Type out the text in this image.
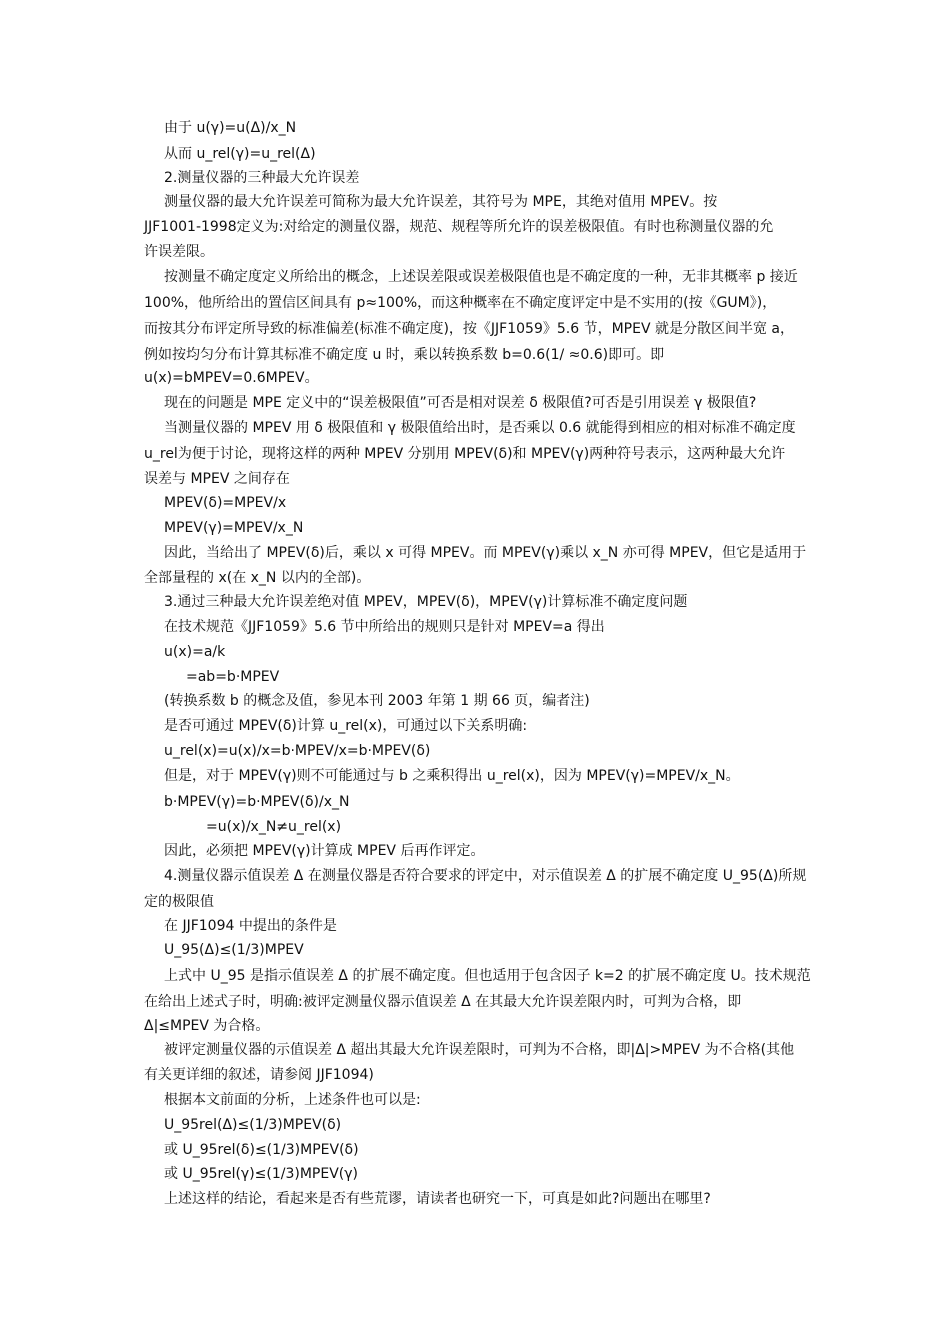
由于 u(γ)=u(Δ)/x_N
从而 u_rel(γ)=u_rel(Δ)
2.测量仪器的三种最大允许误差
测量仪器的最大允许误差可简称为最大允许误差，其符号为 MPE，其绝对值用 MPEV。按
JJF1001-1998定义为:对给定的测量仪器，规范、规程等所允许的误差极限值。有时也称测量仪器的允
许误差限。
按测量不确定度定义所给出的概念，上述误差限或误差极限值也是不确定度的一种，无非其概率 p 接近
100%，他所给出的置信区间具有 p≈100%，而这种概率在不确定度评定中是不实用的(按《GUM》)，
而按其分布评定所导致的标准偏差(标准不确定度)，按《JJF1059》5.6 节，MPEV 就是分散区间半宽 a，
例如按均匀分布计算其标准不确定度 u 时，乘以转换系数 b=0.6(1/ ≈0.6)即可。即
u(x)=bMPEV=0.6MPEV。
现在的问题是 MPE 定义中的“误差极限值”可否是相对误差 δ 极限值?可否是引用误差 γ 极限值?
当测量仪器的 MPEV 用 δ 极限值和 γ 极限值给出时，是否乘以 0.6 就能得到相应的相对标准不确定度
u_rel为便于讨论，现将这样的两种 MPEV 分别用 MPEV(δ)和 MPEV(γ)两种符号表示，这两种最大允许
误差与 MPEV 之间存在
MPEV(δ)=MPEV/x
MPEV(γ)=MPEV/x_N
因此，当给出了 MPEV(δ)后，乘以 x 可得 MPEV。而 MPEV(γ)乘以 x_N 亦可得 MPEV，但它是适用于
全部量程的 x(在 x_N 以内的全部)。
3.通过三种最大允许误差绝对值 MPEV，MPEV(δ)，MPEV(γ)计算标准不确定度问题
在技术规范《JJF1059》5.6 节中所给出的规则只是针对 MPEV=a 得出
u(x)=a/k
=ab=b·MPEV
(转换系数 b 的概念及值，参见本刊 2003 年第 1 期 66 页，编者注)
是否可通过 MPEV(δ)计算 u_rel(x)，可通过以下关系明确:
u_rel(x)=u(x)/x=b·MPEV/x=b·MPEV(δ)
但是，对于 MPEV(γ)则不可能通过与 b 之乘积得出 u_rel(x)，因为 MPEV(γ)=MPEV/x_N。
b·MPEV(γ)=b·MPEV(δ)/x_N
=u(x)/x_N≠u_rel(x)
因此，必须把 MPEV(γ)计算成 MPEV 后再作评定。
4.测量仪器示值误差 Δ 在测量仪器是否符合要求的评定中，对示值误差 Δ 的扩展不确定度 U_95(Δ)所规
定的极限值
在 JJF1094 中提出的条件是
U_95(Δ)≤(1/3)MPEV
上式中 U_95 是指示值误差 Δ 的扩展不确定度。但也适用于包含因子 k=2 的扩展不确定度 U。技术规范
在给出上述式子时，明确:被评定测量仪器示值误差 Δ 在其最大允许误差限内时，可判为合格，即
Δ|≤MPEV 为合格。
被评定测量仪器的示值误差 Δ 超出其最大允许误差限时，可判为不合格，即|Δ|>MPEV 为不合格(其他
有关更详细的叙述，请参阅 JJF1094)
根据本文前面的分析，上述条件也可以是:
U_95rel(Δ)≤(1/3)MPEV(δ)
或 U_95rel(δ)≤(1/3)MPEV(δ)
或 U_95rel(γ)≤(1/3)MPEV(γ)
上述这样的结论，看起来是否有些荒谬，请读者也研究一下，可真是如此?问题出在哪里?
